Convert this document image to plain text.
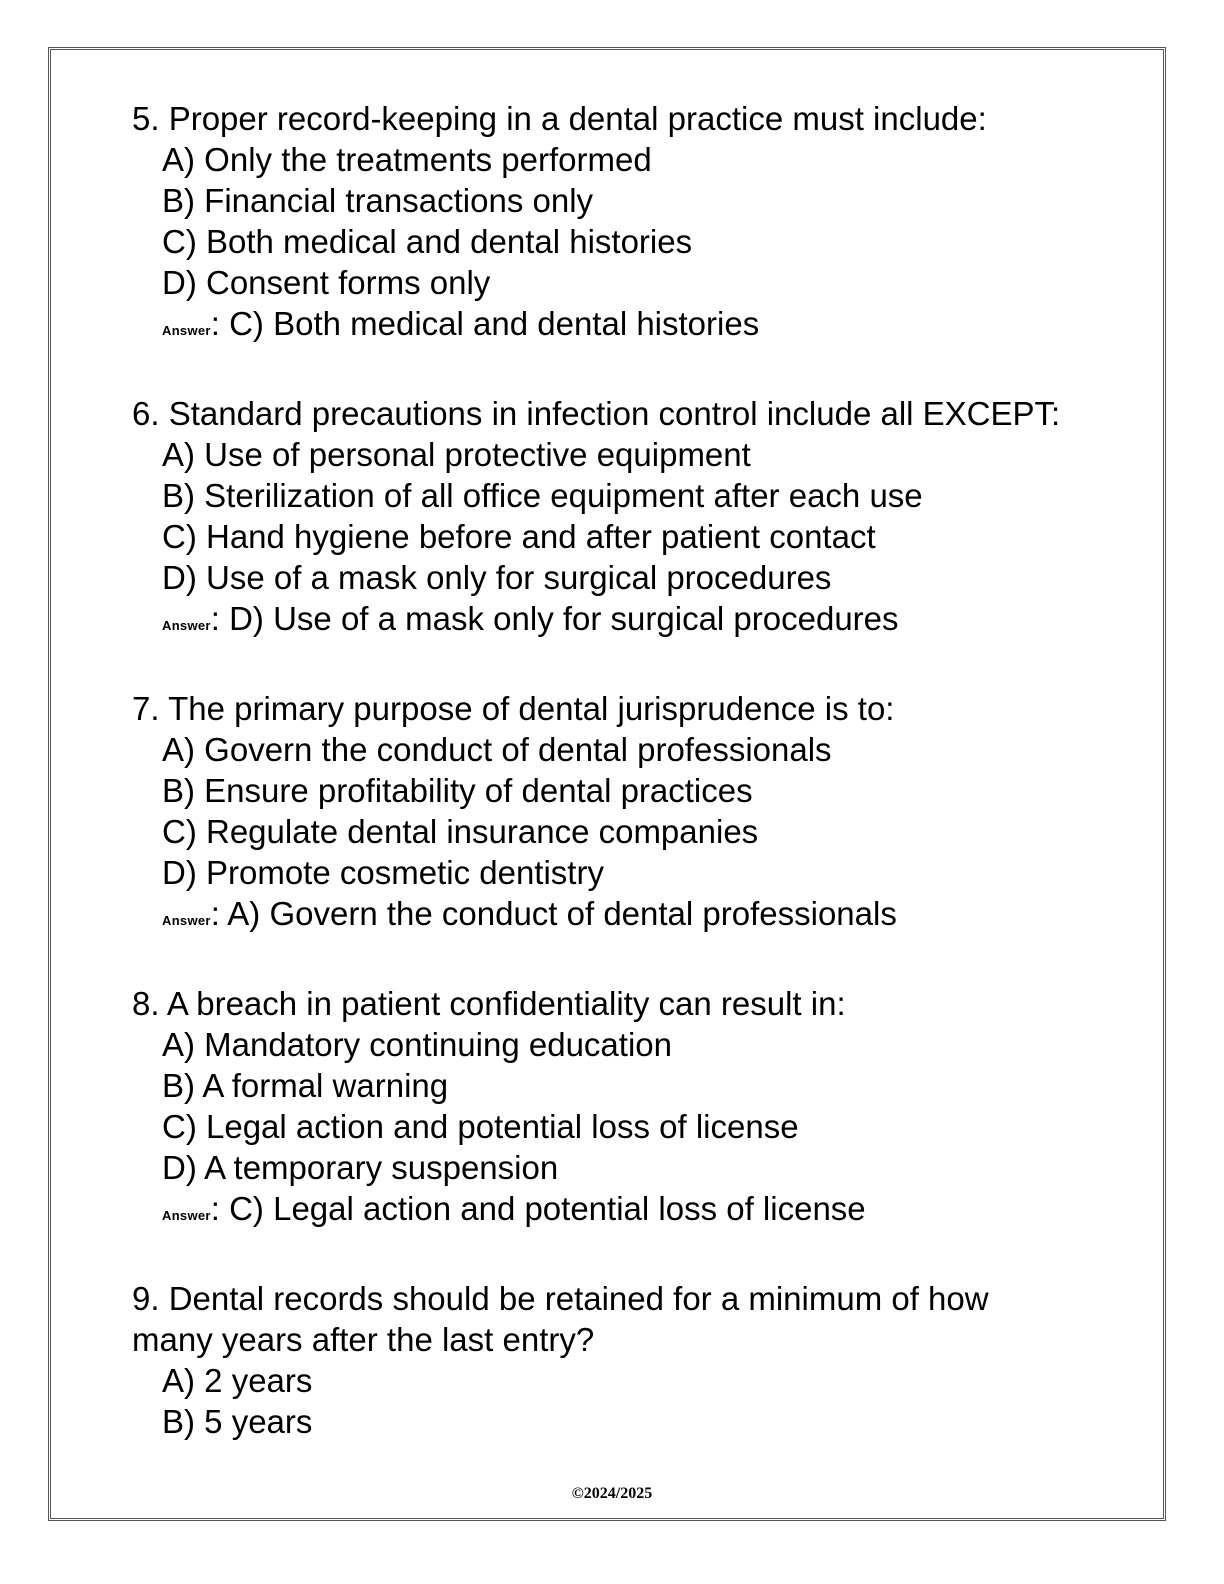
5. Proper record-keeping in a dental practice must include:

A) Only the treatments performed

B) Financial transactions only

C) Both medical and dental histories

D) Consent forms only

Answer: C) Both medical and dental histories

6. Standard precautions in infection control include all EXCEPT:

A) Use of personal protective equipment

B) Sterilization of all office equipment after each use

C) Hand hygiene before and after patient contact

D) Use of a mask only for surgical procedures

Answer: D) Use of a mask only for surgical procedures

7. The primary purpose of dental jurisprudence is to:

A) Govern the conduct of dental professionals

B) Ensure profitability of dental practices

C) Regulate dental insurance companies

D) Promote cosmetic dentistry

Answer: A) Govern the conduct of dental professionals

8. A breach in patient confidentiality can result in:

A) Mandatory continuing education

B) A formal warning

C) Legal action and potential loss of license

D) A temporary suspension

Answer: C) Legal action and potential loss of license

9. Dental records should be retained for a minimum of how many years after the last entry?

A) 2 years

B) 5 years

©2024/2025
